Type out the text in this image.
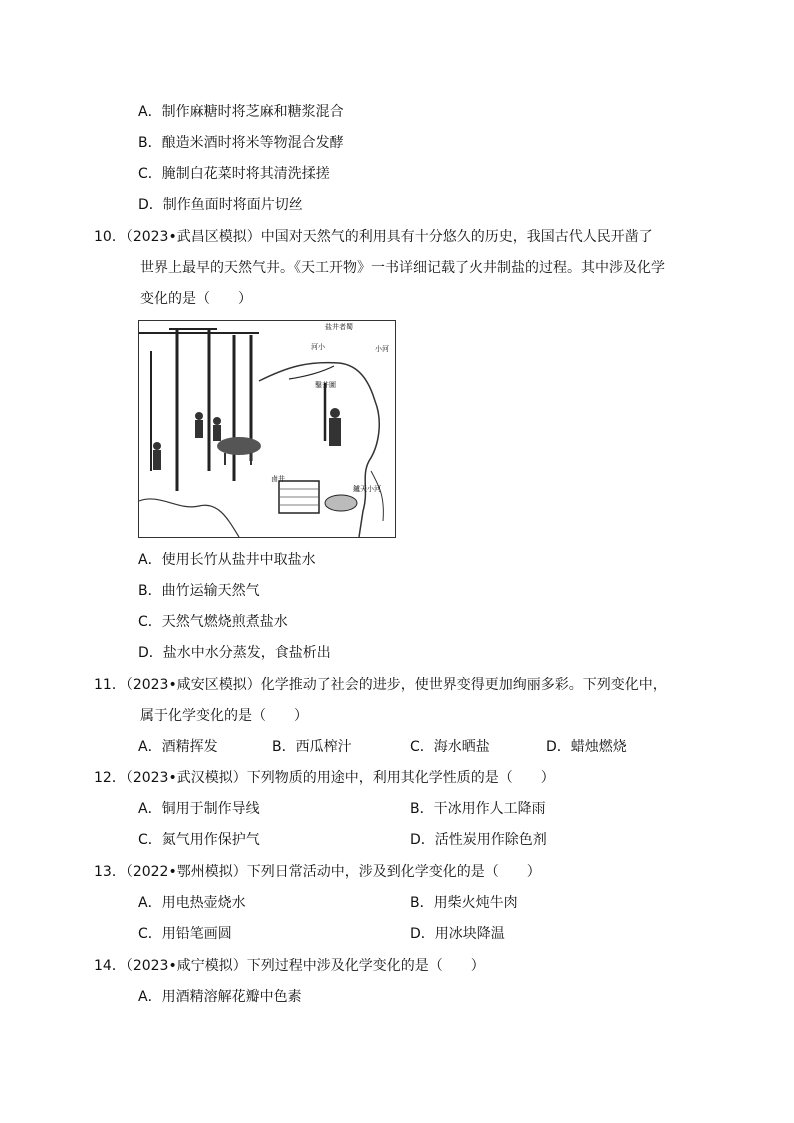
A．制作麻糖时将芝麻和糖浆混合
B．酿造米酒时将米等物混合发酵
C．腌制白花菜时将其清洗揉搓
D．制作鱼面时将面片切丝
10．（2023•武昌区模拟）中国对天然气的利用具有十分悠久的历史，我国古代人民开凿了
世界上最早的天然气井。《天工开物》一书详细记载了火井制盐的过程。其中涉及化学
变化的是（　　）
盐井者蜀
河小	小河
鑿井圖
小河
鹵井
鑪天
A．使用长竹从盐井中取盐水
B．曲竹运输天然气
C．天然气燃烧煎煮盐水
D．盐水中水分蒸发，食盐析出
11．（2023•咸安区模拟）化学推动了社会的进步，使世界变得更加绚丽多彩。下列变化中，
属于化学变化的是（　　）
A．酒精挥发	B．西瓜榨汁	C．海水晒盐	D．蜡烛燃烧
12．（2023•武汉模拟）下列物质的用途中，利用其化学性质的是（　　）
A．铜用于制作导线	B．干冰用作人工降雨
C．氮气用作保护气	D．活性炭用作除色剂
13．（2022•鄂州模拟）下列日常活动中，涉及到化学变化的是（　　）
A．用电热壶烧水	B．用柴火炖牛肉
C．用铅笔画圆	D．用冰块降温
14．（2023•咸宁模拟）下列过程中涉及化学变化的是（　　）
A．用酒精溶解花瓣中色素
